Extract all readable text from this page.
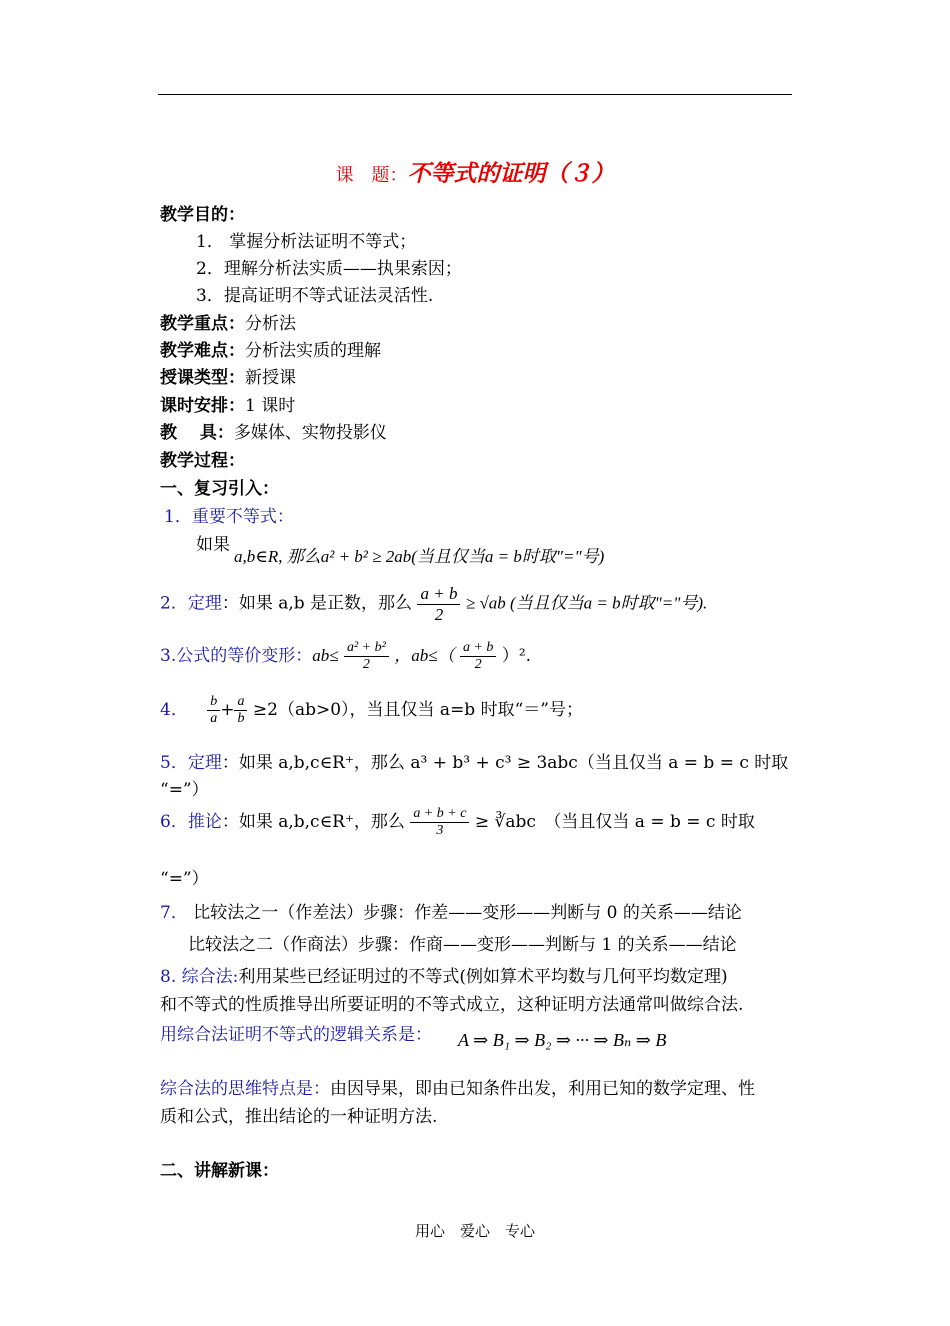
课　题：不等式的证明（３）
教学目的：
1． 掌握分析法证明不等式；
2．理解分析法实质——执果索因；
3．提高证明不等式证法灵活性.
教学重点：分析法
教学难点：分析法实质的理解
授课类型：新授课
课时安排：1 课时
教　 具：多媒体、实物投影仪
教学过程：
一、复习引入：
1．重要不等式：
如果
a,b∈R, 那么a² + b² ≥ 2ab(当且仅当a = b时取"="号)
2．定理：如果 a,b 是正数，那么 $\frac{a + b}{2} \ge √ab$ (当且仅当a = b时取"="号).
3.公式的等价变形：$ab\le \frac{\text{a² + b²}}{2}$ ，$ab\le( \frac{a + b}{2} )^2$.
4． $\frac{b}{a} + \frac{a}{b} \ge 2(ab>0)$，当且仅当 a=b 时取“＝”号；
5．定理：如果 a,b,c∈R⁺，那么 a³ + b³ + c³ ≥ 3abc（当且仅当 a = b = c 时取
“=”）
6．推论：如果 a,b,c∈R⁺，那么 $\frac{a + b + c}{3}$ ≥ ∛abc　（当且仅当 a = b = c 时取
“=”）
7． 比较法之一（作差法）步骤：作差——变形——判断与 0 的关系——结论
比较法之二（作商法）步骤：作商——变形——判断与 1 的关系——结论
8. 综合法:利用某些已经证明过的不等式(例如算术平均数与几何平均数定理)
和不等式的性质推导出所要证明的不等式成立，这种证明方法通常叫做综合法.
用综合法证明不等式的逻辑关系是： A ⇒ B₁ ⇒ B₂ ⇒ ··· ⇒ Bₙ ⇒ B
综合法的思维特点是：由因导果，即由已知条件出发，利用已知的数学定理、性
质和公式，推出结论的一种证明方法.
二、讲解新课：
用心　爱心　专心
